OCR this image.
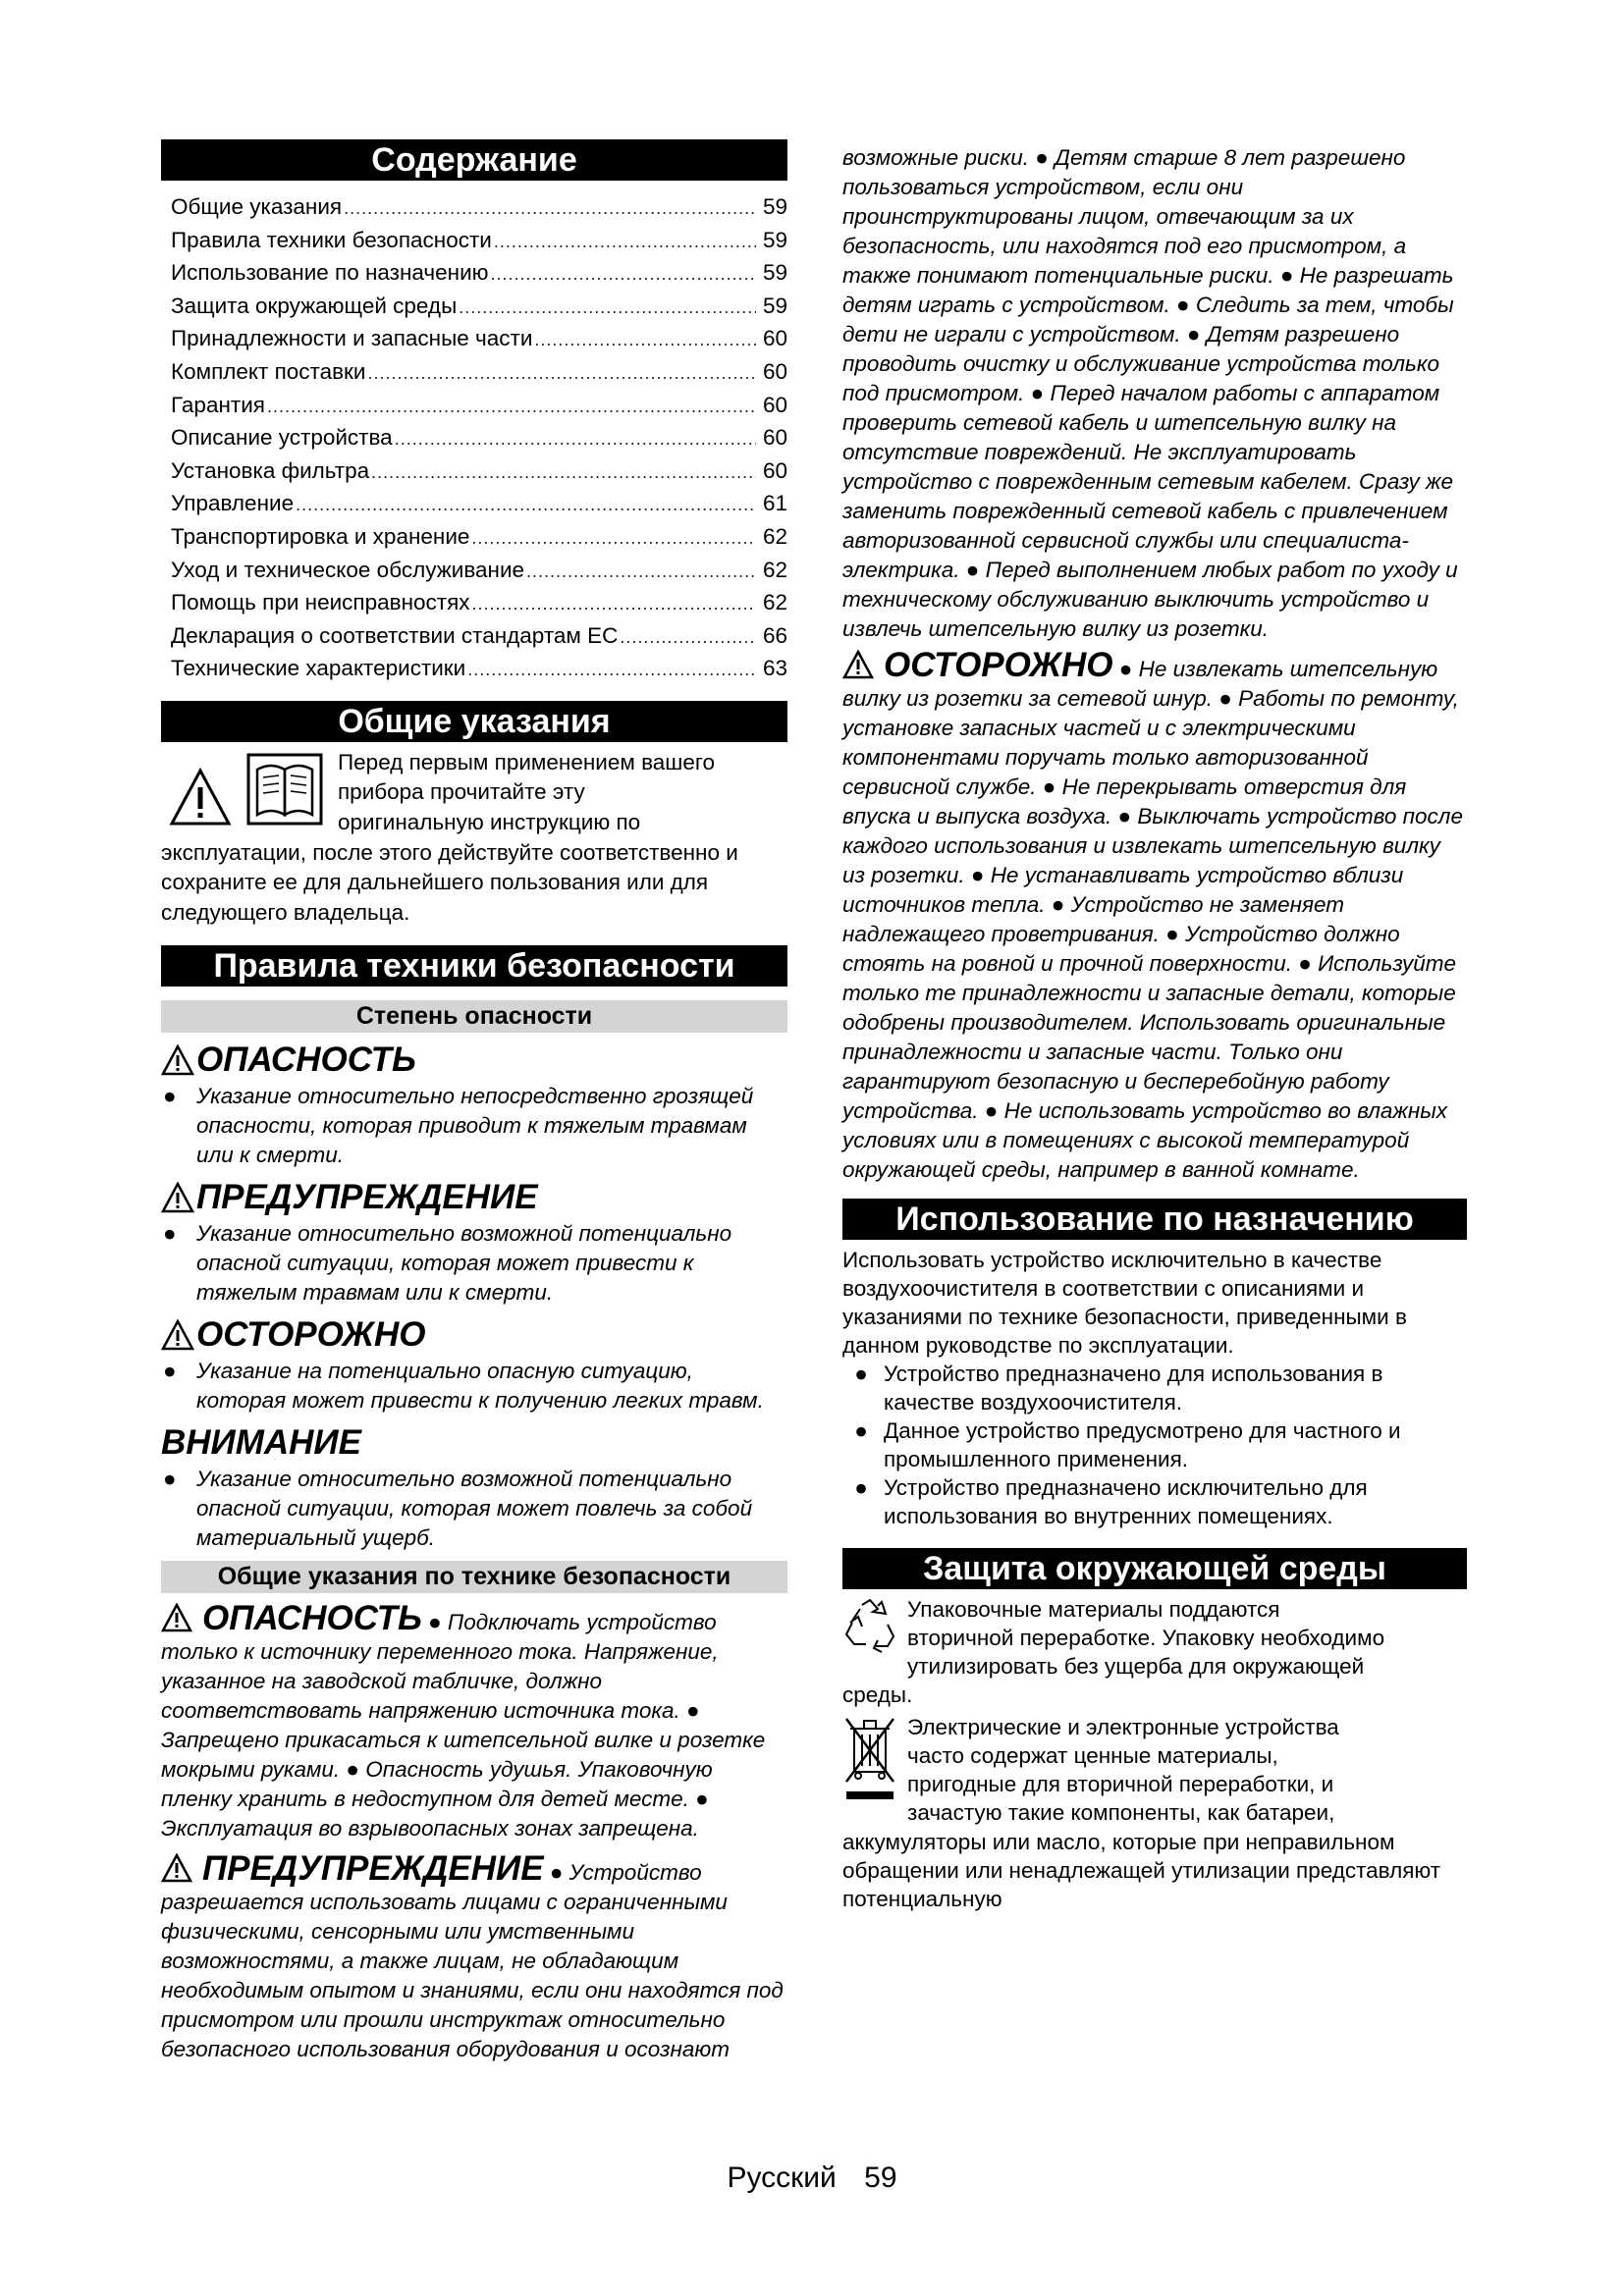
Содержание
Общие указания .....	59
Правила техники безопасности .....	59
Использование по назначению .....	59
Защита окружающей среды .....	59
Принадлежности и запасные части .....	60
Комплект поставки .....	60
Гарантия .....	60
Описание устройства .....	60
Установка фильтра .....	60
Управление .....	61
Транспортировка и хранение .....	62
Уход и техническое обслуживание .....	62
Помощь при неисправностях .....	62
Декларация о соответствии стандартам ЕС .....	66
Технические характеристики .....	63
Общие указания
Перед первым применением вашего
прибора прочитайте эту
оригинальную инструкцию по
эксплуатации, после этого действуйте соответственно и сохраните ее для дальнейшего пользования или для следующего владельца.
Правила техники безопасности
Степень опасности
ОПАСНОСТЬ
● Указание относительно непосредственно грозящей опасности, которая приводит к тяжелым травмам или к смерти.
ПРЕДУПРЕЖДЕНИЕ
● Указание относительно возможной потенциально опасной ситуации, которая может привести к тяжелым травмам или к смерти.
ОСТОРОЖНО
● Указание на потенциально опасную ситуацию, которая может привести к получению легких травм.
ВНИМАНИЕ
● Указание относительно возможной потенциально опасной ситуации, которая может повлечь за собой материальный ущерб.
Общие указания по технике безопасности
ОПАСНОСТЬ ● Подключать устройство только к источнику переменного тока. Напряжение, указанное на заводской табличке, должно соответствовать напряжению источника тока. ● Запрещено прикасаться к штепсельной вилке и розетке мокрыми руками. ● Опасность удушья. Упаковочную пленку хранить в недоступном для детей месте. ● Эксплуатация во взрывоопасных зонах запрещена.
ПРЕДУПРЕЖДЕНИЕ ● Устройство разрешается использовать лицами с ограниченными физическими, сенсорными или умственными возможностями, а также лицам, не обладающим необходимым опытом и знаниями, если они находятся под присмотром или прошли инструктаж относительно безопасного использования оборудования и осознают
возможные риски. ● Детям старше 8 лет разрешено пользоваться устройством, если они проинструктированы лицом, отвечающим за их безопасность, или находятся под его присмотром, а также понимают потенциальные риски. ● Не разрешать детям играть с устройством. ● Следить за тем, чтобы дети не играли с устройством. ● Детям разрешено проводить очистку и обслуживание устройства только под присмотром. ● Перед началом работы с аппаратом проверить сетевой кабель и штепсельную вилку на отсутствие повреждений. Не эксплуатировать устройство с поврежденным сетевым кабелем. Сразу же заменить поврежденный сетевой кабель с привлечением авторизованной сервисной службы или специалиста-электрика. ● Перед выполнением любых работ по уходу и техническому обслуживанию выключить устройство и извлечь штепсельную вилку из розетки.
ОСТОРОЖНО ● Не извлекать штепсельную вилку из розетки за сетевой шнур. ● Работы по ремонту, установке запасных частей и с электрическими компонентами поручать только авторизованной сервисной службе. ● Не перекрывать отверстия для впуска и выпуска воздуха. ● Выключать устройство после каждого использования и извлекать штепсельную вилку из розетки. ● Не устанавливать устройство вблизи источников тепла. ● Устройство не заменяет надлежащего проветривания. ● Устройство должно стоять на ровной и прочной поверхности. ● Используйте только те принадлежности и запасные детали, которые одобрены производителем. Использовать оригинальные принадлежности и запасные части. Только они гарантируют безопасную и бесперебойную работу устройства. ● Не использовать устройство во влажных условиях или в помещениях с высокой температурой окружающей среды, например в ванной комнате.
Использование по назначению
Использовать устройство исключительно в качестве воздухоочистителя в соответствии с описаниями и указаниями по технике безопасности, приведенными в данном руководстве по эксплуатации.
● Устройство предназначено для использования в качестве воздухоочистителя.
● Данное устройство предусмотрено для частного и промышленного применения.
● Устройство предназначено исключительно для использования во внутренних помещениях.
Защита окружающей среды
Упаковочные материалы поддаются
вторичной переработке. Упаковку необходимо
утилизировать без ущерба для окружающей
среды.
Электрические и электронные устройства
часто содержат ценные материалы,
пригодные для вторичной переработки, и
зачастую такие компоненты, как батареи,
аккумуляторы или масло, которые при неправильном обращении или ненадлежащей утилизации представляют потенциальную
Русский 59
